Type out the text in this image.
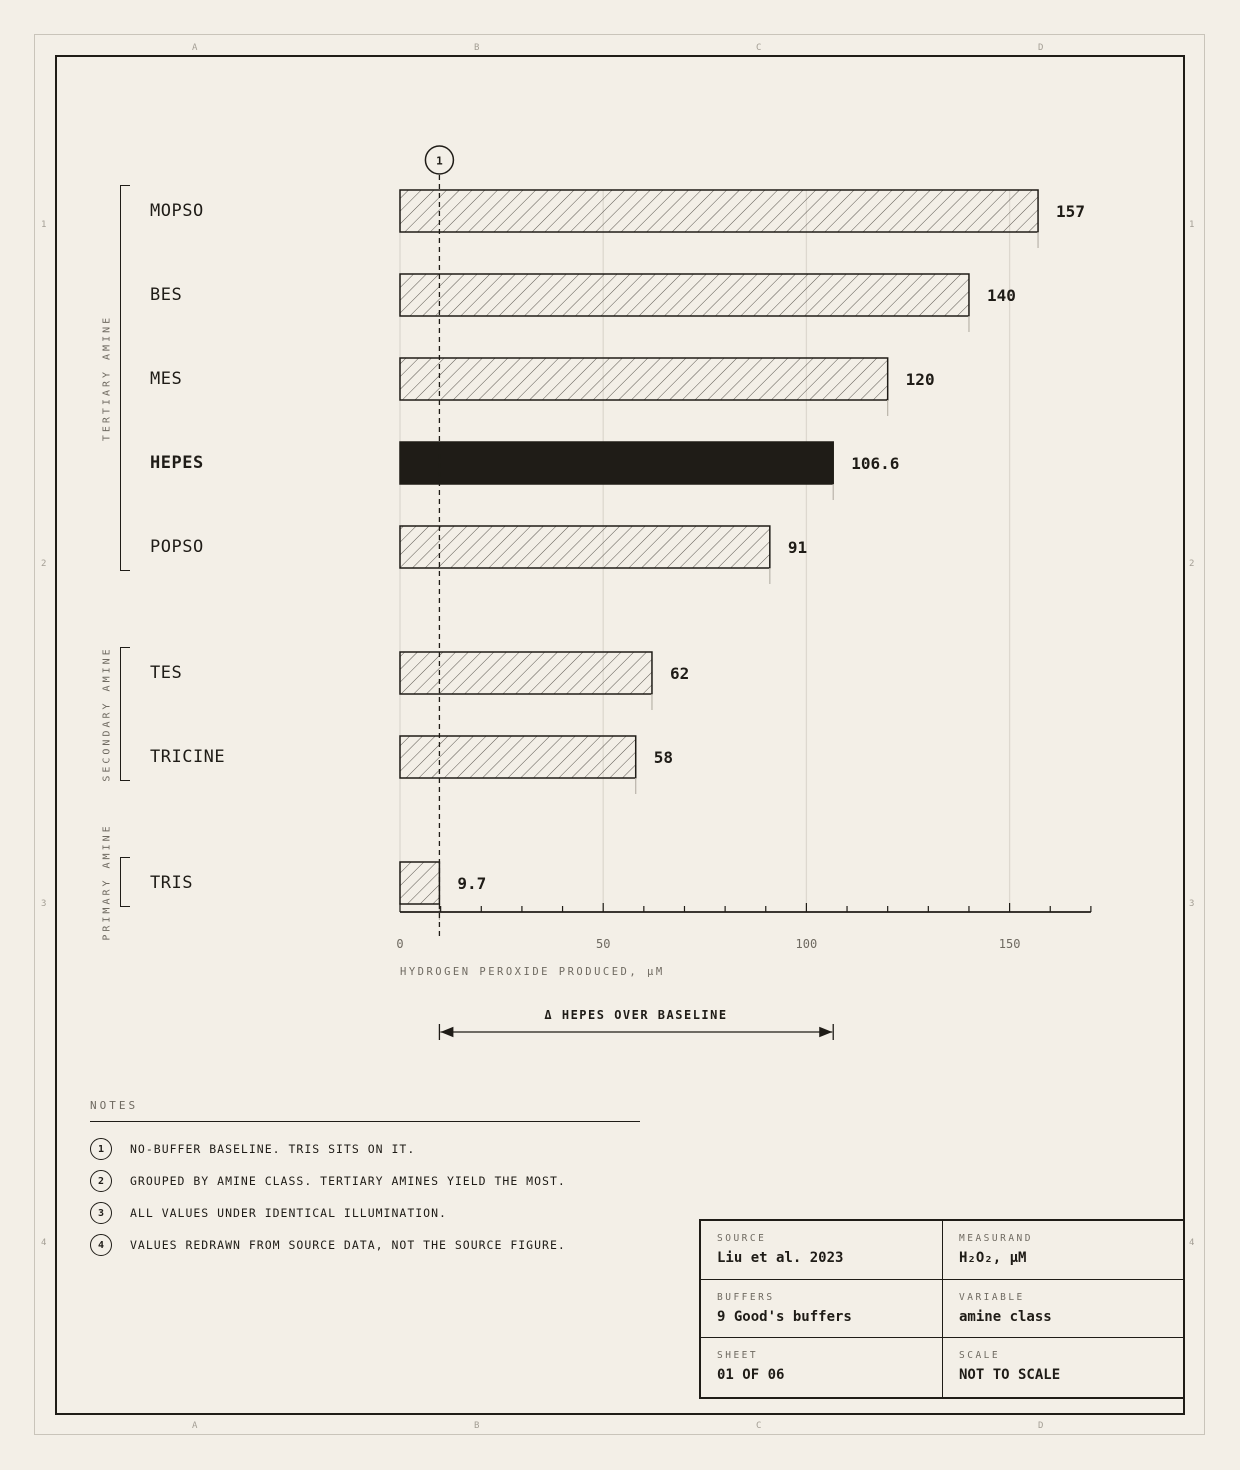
A	B	C	D
A	B	C	D
1
2
3
4
1
2
3
4
TERTIARY AMINE
SECONDARY AMINE
PRIMARY AMINE
MOPSO
BES
MES
HEPES
POPSO
TES
TRICINE
TRIS
157
140
120
106.6
91
62
58
9.7
0	50	100	150
1
HYDROGEN PEROXIDE PRODUCED, µM
Δ HEPES OVER BASELINE
NOTES
1	NO-BUFFER BASELINE. TRIS SITS ON IT.
2	GROUPED BY AMINE CLASS. TERTIARY AMINES YIELD THE MOST.
3	ALL VALUES UNDER IDENTICAL ILLUMINATION.
4	VALUES REDRAWN FROM SOURCE DATA, NOT THE SOURCE FIGURE.	SOURCE
Liu et al. 2023
MEASURAND
H₂O₂, µM
BUFFERS
9 Good's buffers
VARIABLE
amine class
SHEET
01 OF 06
SCALE
NOT TO SCALE
